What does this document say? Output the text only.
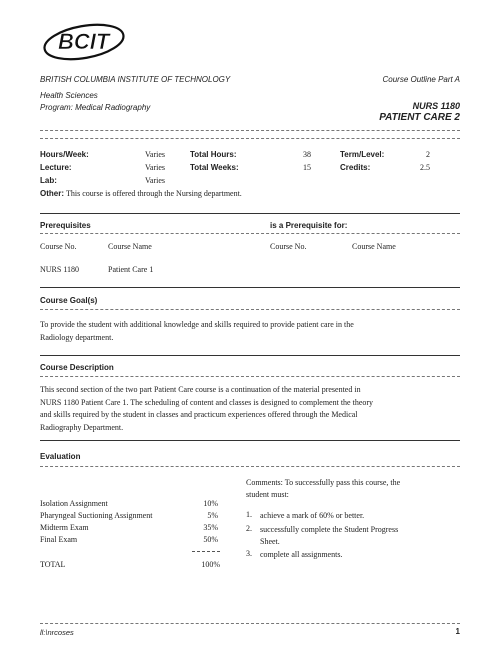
BCIT
BRITISH COLUMBIA INSTITUTE OF TECHNOLOGY
Health Sciences
Program: Medical Radiography
Course Outline Part A
NURS 1180
PATIENT CARE 2
Hours/Week:	Varies
Lecture:	Varies
Lab:	Varies
Total Hours:	38
Total Weeks:	15
Term/Level:	2
Credits:	2.5
Other: This course is offered through the Nursing department.
Prerequisites	is a Prerequisite for:
Course No.	Course Name	Course No.	Course Name
NURS 1180	Patient Care 1
Course Goal(s)
To provide the student with additional knowledge and skills required to provide patient care in the
Radiology department.
Course Description
This second section of the two part Patient Care course is a continuation of the material presented in
NURS 1180 Patient Care 1. The scheduling of content and classes is designed to complement the theory
and skills required by the student in classes and practicum experiences offered through the Medical
Radiography Department.
Evaluation
Isolation Assignment	10%
Pharyngeal Suctioning Assignment	5%
Midterm Exam	35%
Final Exam	50%
TOTAL	100%
Comments: To successfully pass this course, the
student must:
1. achieve a mark of 60% or better.
2. successfully complete the Student Progress
Sheet.
3. complete all assignments.
ll:\nrcoses	1
